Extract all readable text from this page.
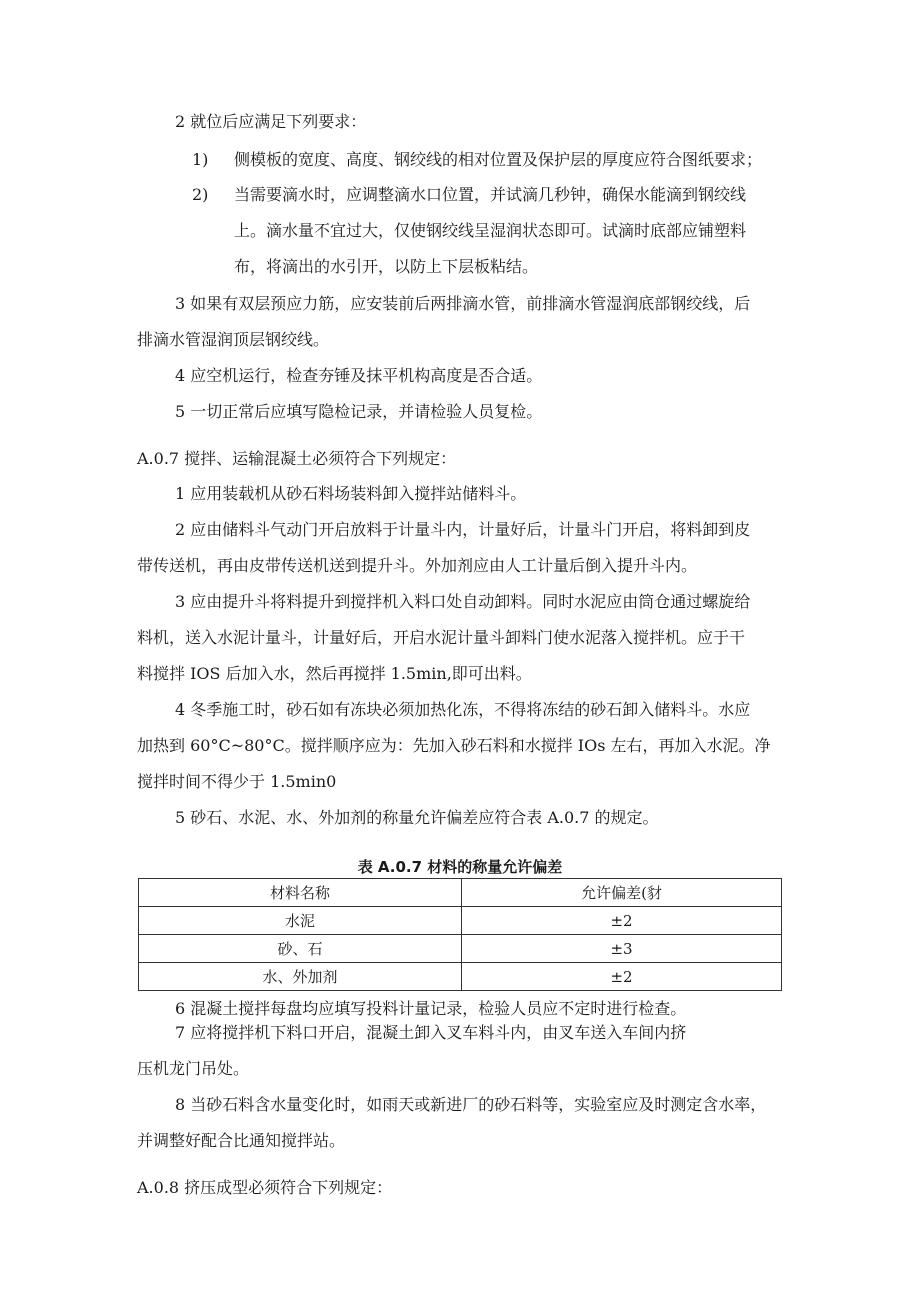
2 就位后应满足下列要求：

1) 侧模板的宽度、高度、钢绞线的相对位置及保护层的厚度应符合图纸要求；

2) 当需要滴水时，应调整滴水口位置，并试滴几秒钟，确保水能滴到钢绞线

上。滴水量不宜过大，仅使钢绞线呈湿润状态即可。试滴时底部应铺塑料

布，将滴出的水引开，以防上下层板粘结。

3 如果有双层预应力筋，应安装前后两排滴水管，前排滴水管湿润底部钢绞线，后

排滴水管湿润顶层钢绞线。

4 应空机运行，检查夯锤及抹平机构高度是否合适。

5 一切正常后应填写隐检记录，并请检验人员复检。

A.0.7 搅拌、运输混凝土必须符合下列规定：

1 应用装载机从砂石料场装料卸入搅拌站储料斗。

2 应由储料斗气动门开启放料于计量斗内，计量好后，计量斗门开启，将料卸到皮

带传送机，再由皮带传送机送到提升斗。外加剂应由人工计量后倒入提升斗内。

3 应由提升斗将料提升到搅拌机入料口处自动卸料。同时水泥应由筒仓通过螺旋给

料机，送入水泥计量斗，计量好后，开启水泥计量斗卸料门使水泥落入搅拌机。应于干

料搅拌 IOS 后加入水，然后再搅拌 1.5min,即可出料。

4 冬季施工时，砂石如有冻块必须加热化冻，不得将冻结的砂石卸入储料斗。水应

加热到 60°C~80°C。搅拌顺序应为：先加入砂石料和水搅拌 IOs 左右，再加入水泥。净

搅拌时间不得少于 1.5min0

5 砂石、水泥、水、外加剂的称量允许偏差应符合表 A.0.7 的规定。

表 A.0.7 材料的称量允许偏差
材料名称	允许偏差(豺
水泥	±2
砂、石	±3
水、外加剂	±2

6 混凝土搅拌每盘均应填写投料计量记录，检验人员应不定时进行检查。

7 应将搅拌机下料口开启，混凝土卸入叉车料斗内，由叉车送入车间内挤

压机龙门吊处。

8 当砂石料含水量变化时，如雨天或新进厂的砂石料等，实验室应及时测定含水率，

并调整好配合比通知搅拌站。

A.0.8 挤压成型必须符合下列规定：
